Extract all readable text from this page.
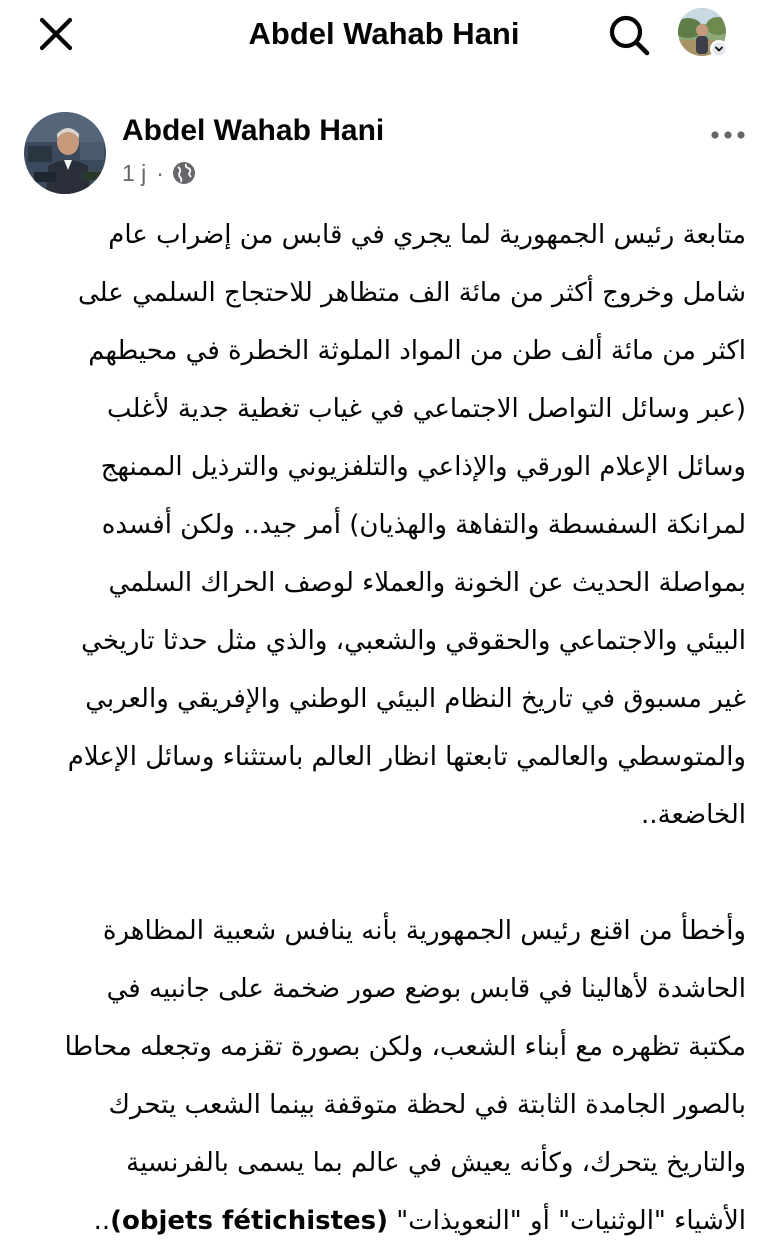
Abdel Wahab Hani
Abdel Wahab Hani
1 j ·

متابعة رئيس الجمهورية لما يجري في قابس من إضراب عام

شامل وخروج أكثر من مائة الف متظاهر للاحتجاج السلمي على

اكثر من مائة ألف طن من المواد الملوثة الخطرة في محيطهم

(عبر وسائل التواصل الاجتماعي في غياب تغطية جدية لأغلب

وسائل الإعلام الورقي والإذاعي والتلفزيوني والترذيل الممنهج

لمرانكة السفسطة والتفاهة والهذيان) أمر جيد.. ولكن أفسده

بمواصلة الحديث عن الخونة والعملاء لوصف الحراك السلمي

البيئي والاجتماعي والحقوقي والشعبي، والذي مثل حدثا تاريخي

غير مسبوق في تاريخ النظام البيئي الوطني والإفريقي والعربي

والمتوسطي والعالمي تابعتها انظار العالم باستثناء وسائل الإعلام

الخاضعة..

وأخطأ من اقنع رئيس الجمهورية بأنه ينافس شعبية المظاهرة

الحاشدة لأهالينا في قابس بوضع صور ضخمة على جانبيه في

مكتبة تظهره مع أبناء الشعب، ولكن بصورة تقزمه وتجعله محاطا

بالصور الجامدة الثابتة في لحظة متوقفة بينما الشعب يتحرك

والتاريخ يتحرك، وكأنه يعيش في عالم بما يسمى بالفرنسية

الأشياء "الوثنيات" أو "النعويذات" (objets fétichistes)..
